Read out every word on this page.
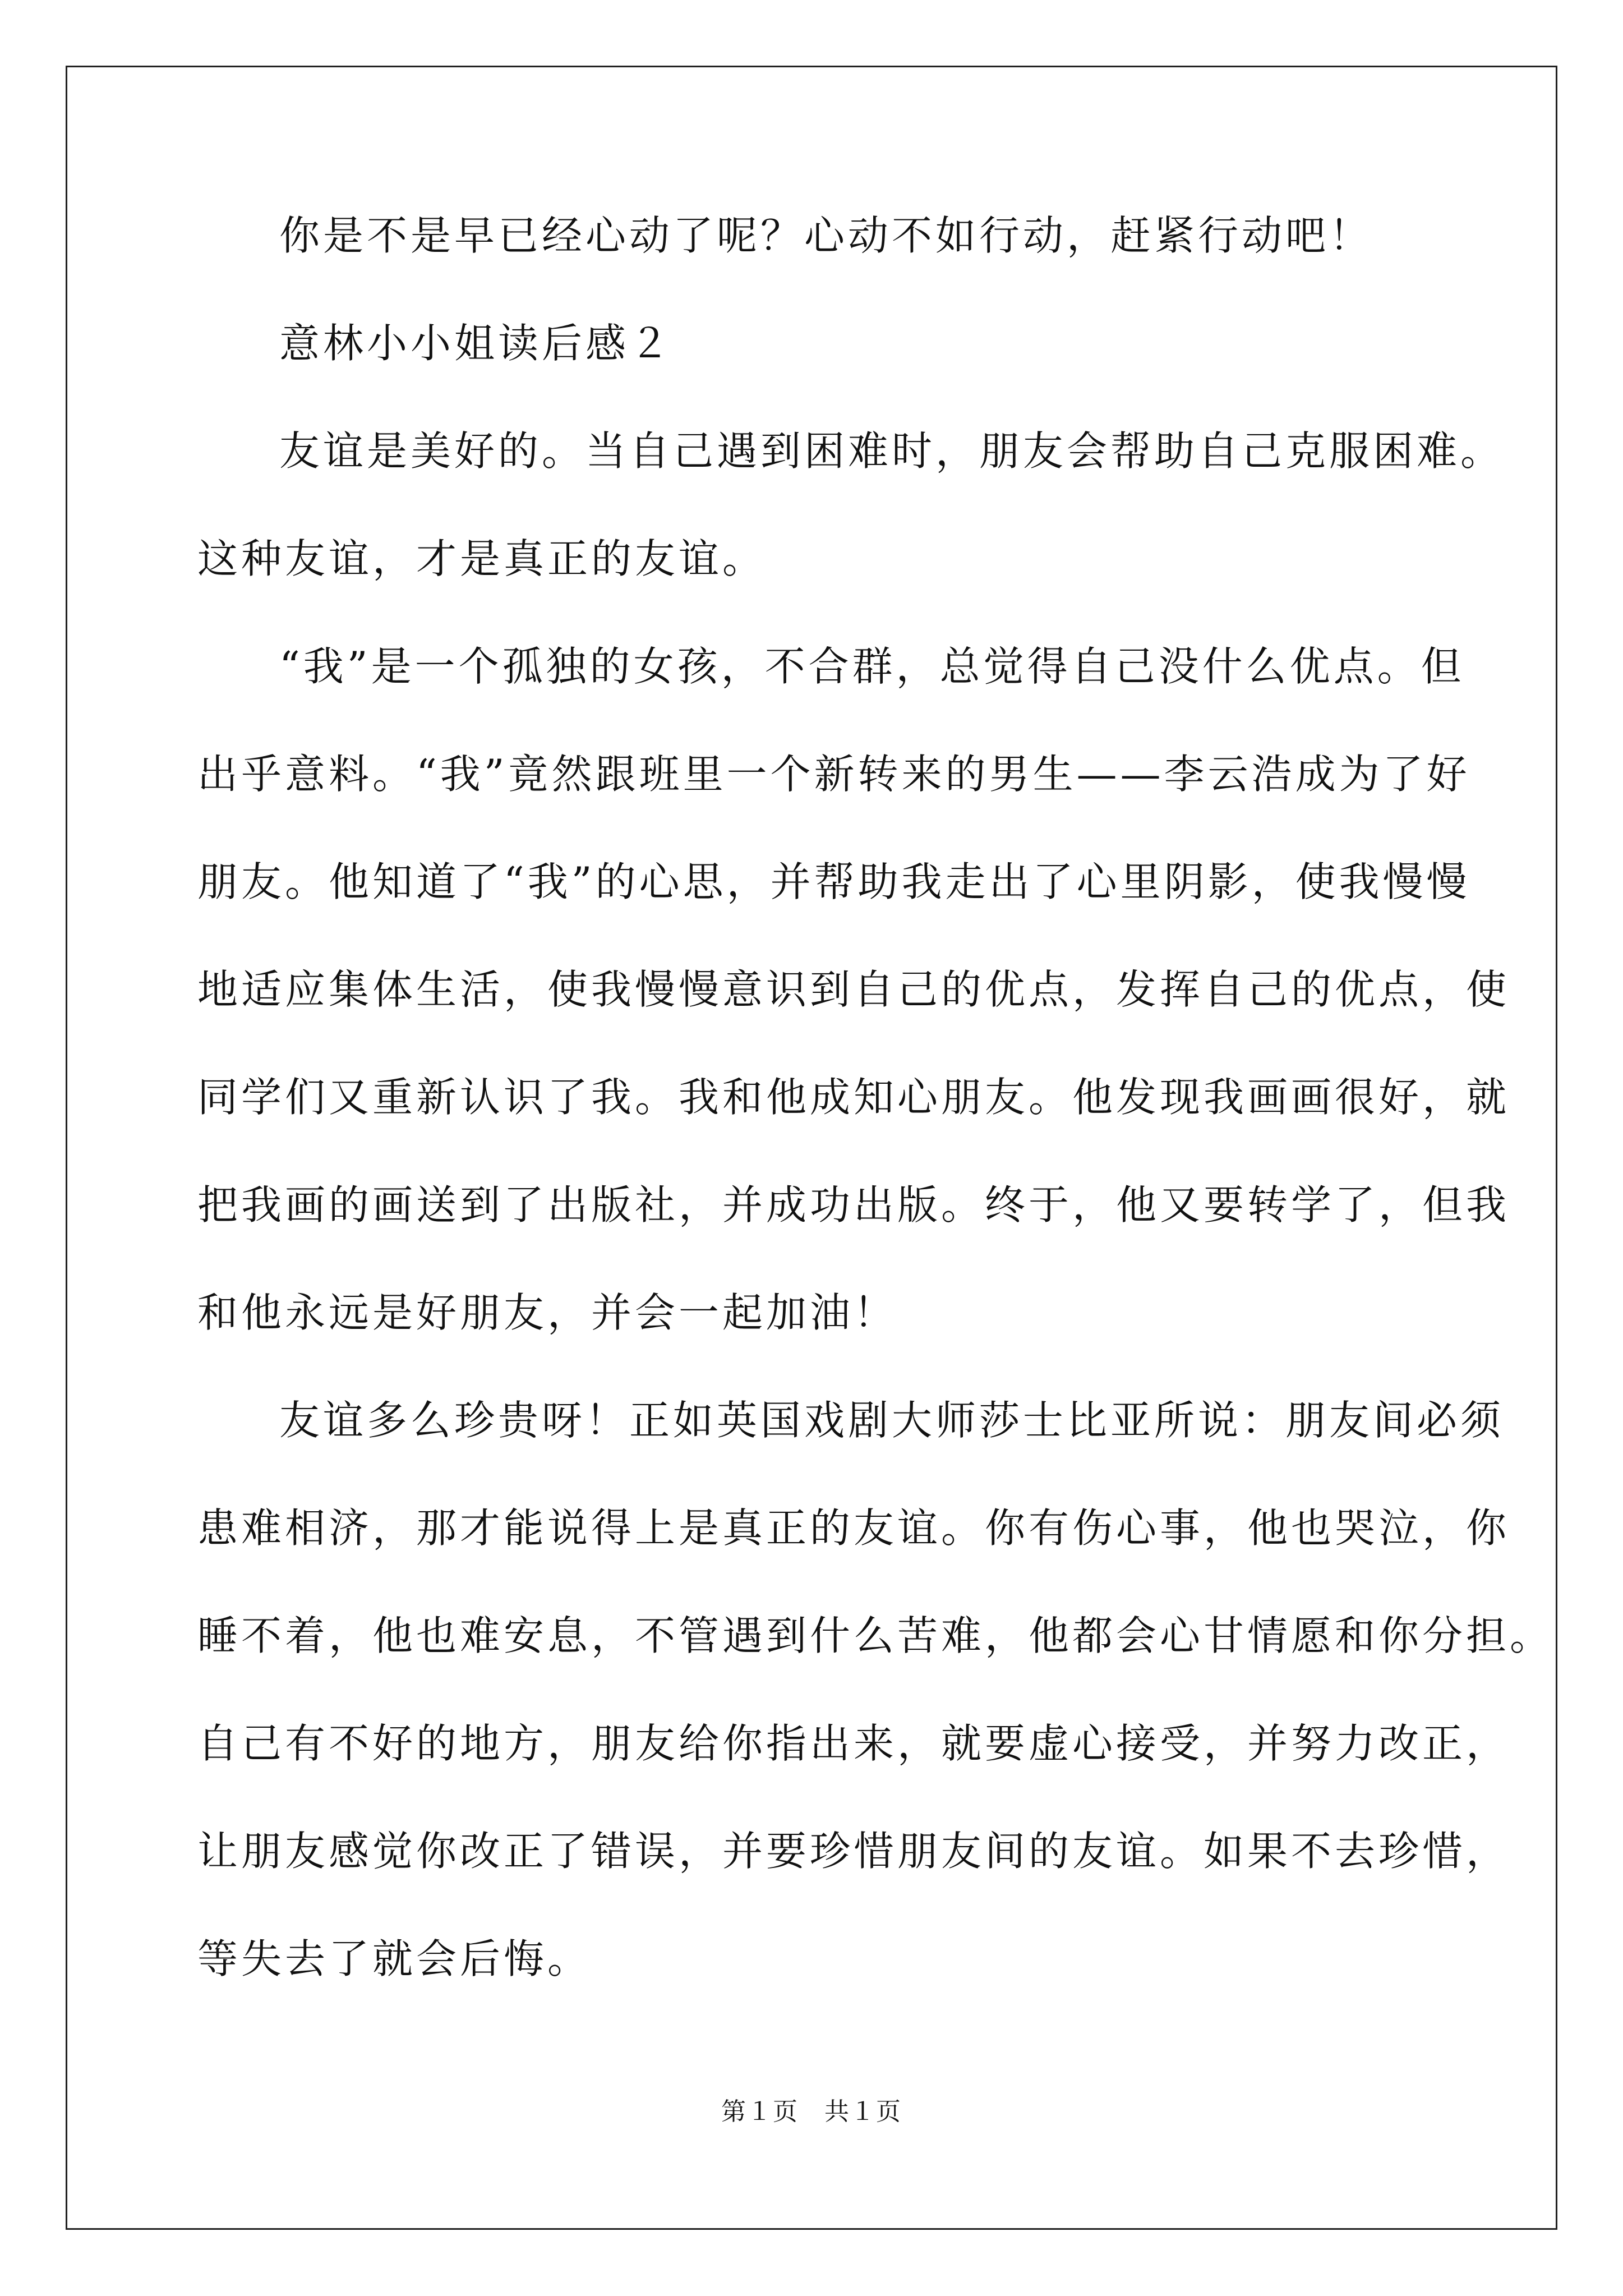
你是不是早已经心动了呢？心动不如行动，赶紧行动吧！
意林小小姐读后感２
友谊是美好的。当自己遇到困难时，朋友会帮助自己克服困难。
这种友谊，才是真正的友谊。
“我”是一个孤独的女孩，不合群，总觉得自己没什么优点。但
出乎意料。“我”竟然跟班里一个新转来的男生——李云浩成为了好
朋友。他知道了“我”的心思，并帮助我走出了心里阴影，使我慢慢
地适应集体生活，使我慢慢意识到自己的优点，发挥自己的优点，使
同学们又重新认识了我。我和他成知心朋友。他发现我画画很好，就
把我画的画送到了出版社，并成功出版。终于，他又要转学了，但我
和他永远是好朋友，并会一起加油！
友谊多么珍贵呀！正如英国戏剧大师莎士比亚所说：朋友间必须
患难相济，那才能说得上是真正的友谊。你有伤心事，他也哭泣，你
睡不着，他也难安息，不管遇到什么苦难，他都会心甘情愿和你分担。
自己有不好的地方，朋友给你指出来，就要虚心接受，并努力改正，
让朋友感觉你改正了错误，并要珍惜朋友间的友谊。如果不去珍惜，
等失去了就会后悔。
第１页　共１页
